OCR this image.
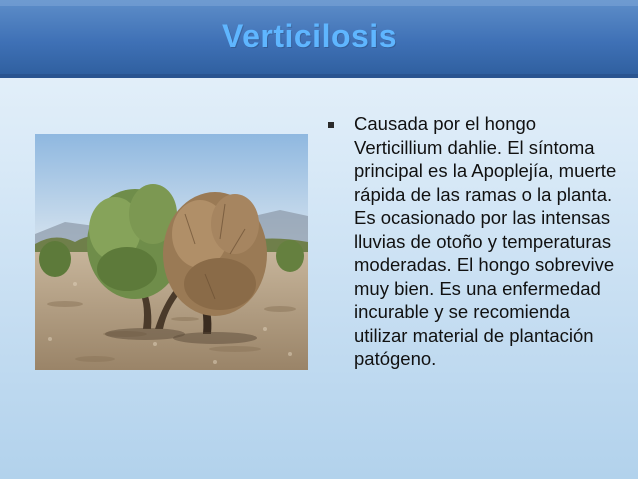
Verticilosis

Causada por el hongo Verticillium dahlie. El síntoma principal es la Apoplejía, muerte rápida de las ramas o la planta. Es ocasionado por las intensas lluvias de otoño y temperaturas moderadas. El hongo sobrevive muy bien. Es una enfermedad incurable y se recomienda utilizar material de plantación patógeno.
